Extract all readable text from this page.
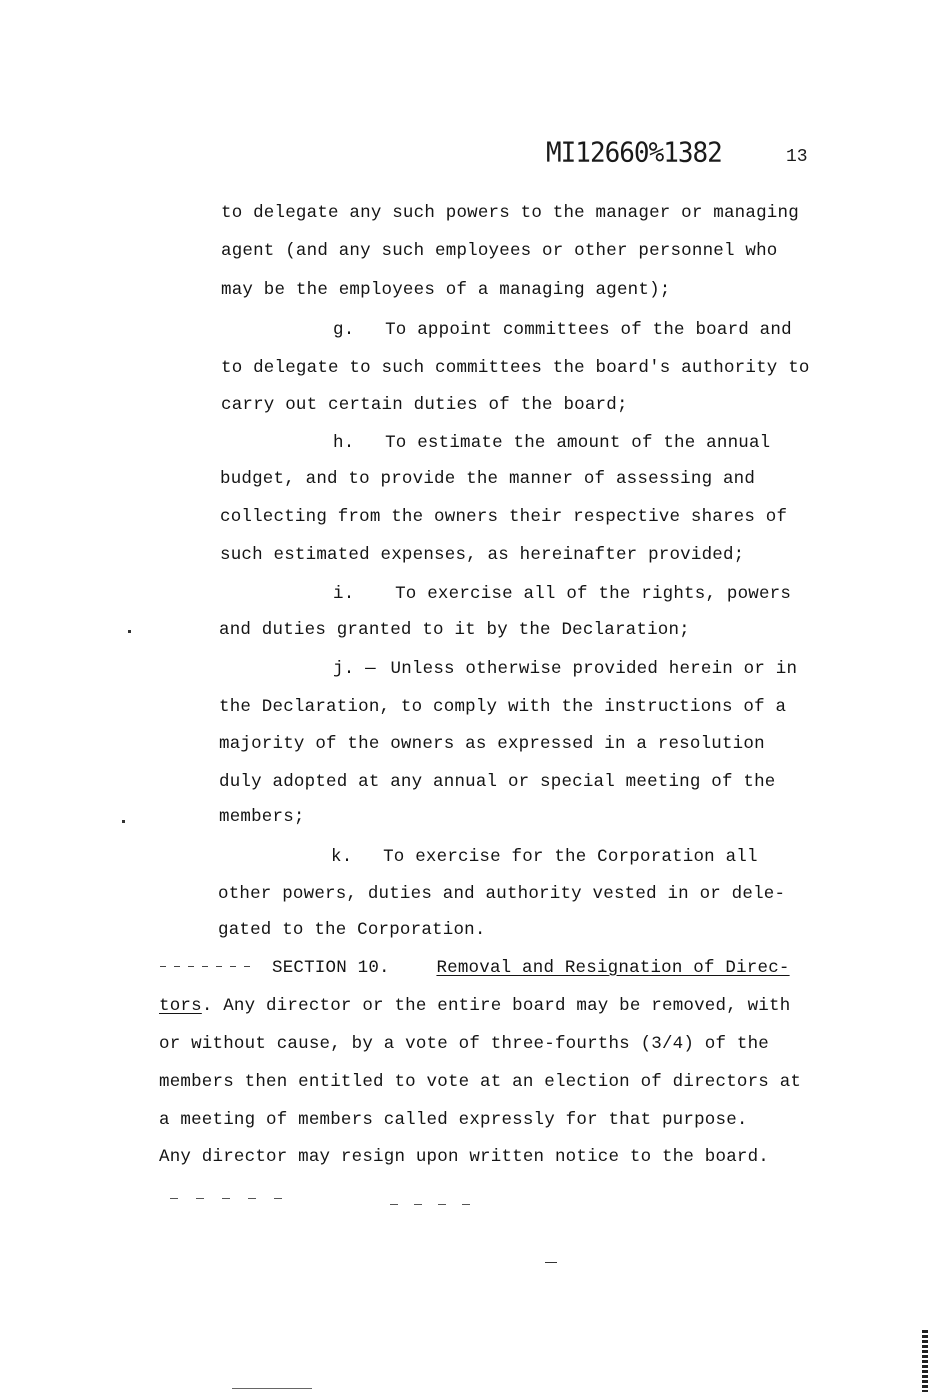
MI12660%1382	13
to delegate any such powers to the manager or managing
agent (and any such employees or other personnel who
may be the employees of a managing agent);
g. To appoint committees of the board and
to delegate to such committees the board's authority to
carry out certain duties of the board;
h. To estimate the amount of the annual
budget, and to provide the manner of assessing and
collecting from the owners their respective shares of
such estimated expenses, as hereinafter provided;
i. To exercise all of the rights, powers
and duties granted to it by the Declaration;
j. — Unless otherwise provided herein or in
the Declaration, to comply with the instructions of a
majority of the owners as expressed in a resolution
duly adopted at any annual or special meeting of the
members;
k. To exercise for the Corporation all
other powers, duties and authority vested in or dele-
gated to the Corporation.
SECTION 10.	Removal and Resignation of Direc-
tors. Any director or the entire board may be removed, with
or without cause, by a vote of three-fourths (3/4) of the
members then entitled to vote at an election of directors at
a meeting of members called expressly for that purpose.
Any director may resign upon written notice to the board.
